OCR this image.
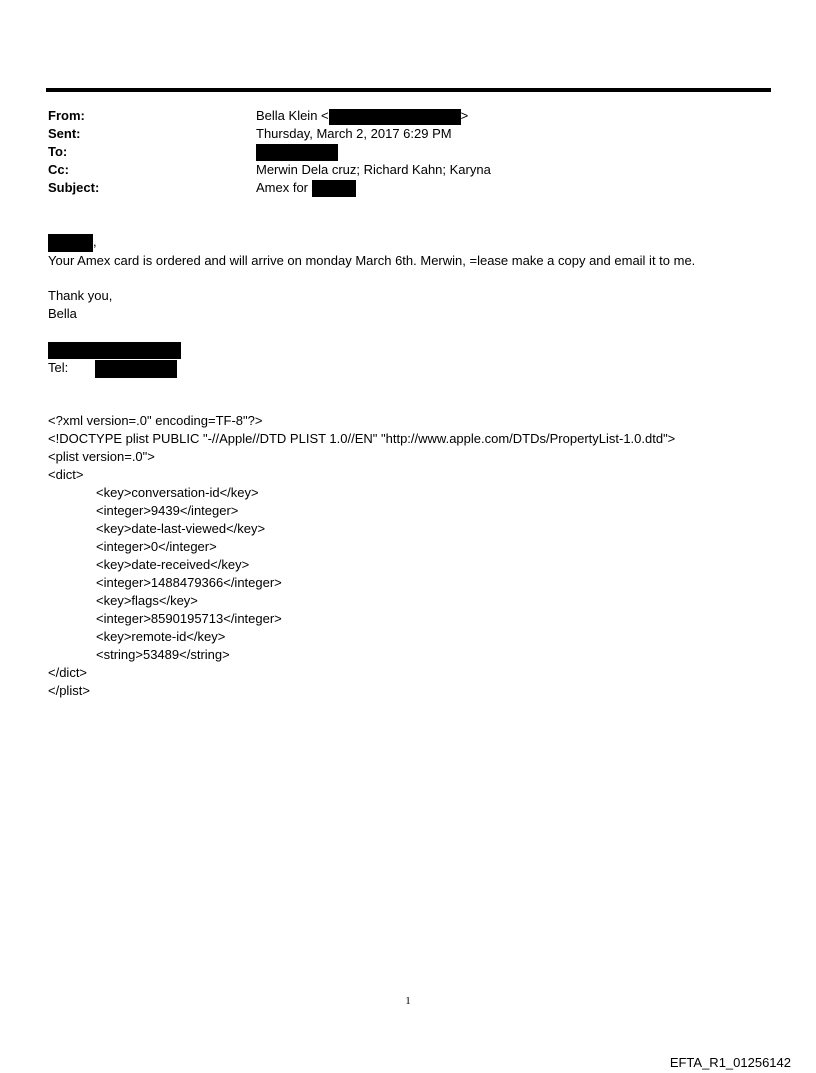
From:	Bella Klein <	>
Sent:	Thursday, March 2, 2017 6:29 PM
To:
Cc:	Merwin Dela cruz; Richard Kahn; Karyna
Subject:	Amex for
,
Your Amex card is ordered and will arrive on monday March 6th. Merwin, =lease make a copy and email it to me.
Thank you,
Bella
Tel:
<?xml version=.0" encoding=TF-8"?>
<!DOCTYPE plist PUBLIC "-//Apple//DTD PLIST 1.0//EN" "http://www.apple.com/DTDs/PropertyList-1.0.dtd">
<plist version=.0">
<dict>
<key>conversation-id</key>
<integer>9439</integer>
<key>date-last-viewed</key>
<integer>0</integer>
<key>date-received</key>
<integer>1488479366</integer>
<key>flags</key>
<integer>8590195713</integer>
<key>remote-id</key>
<string>53489</string>
</dict>
</plist>
1
EFTA_R1_01256142
